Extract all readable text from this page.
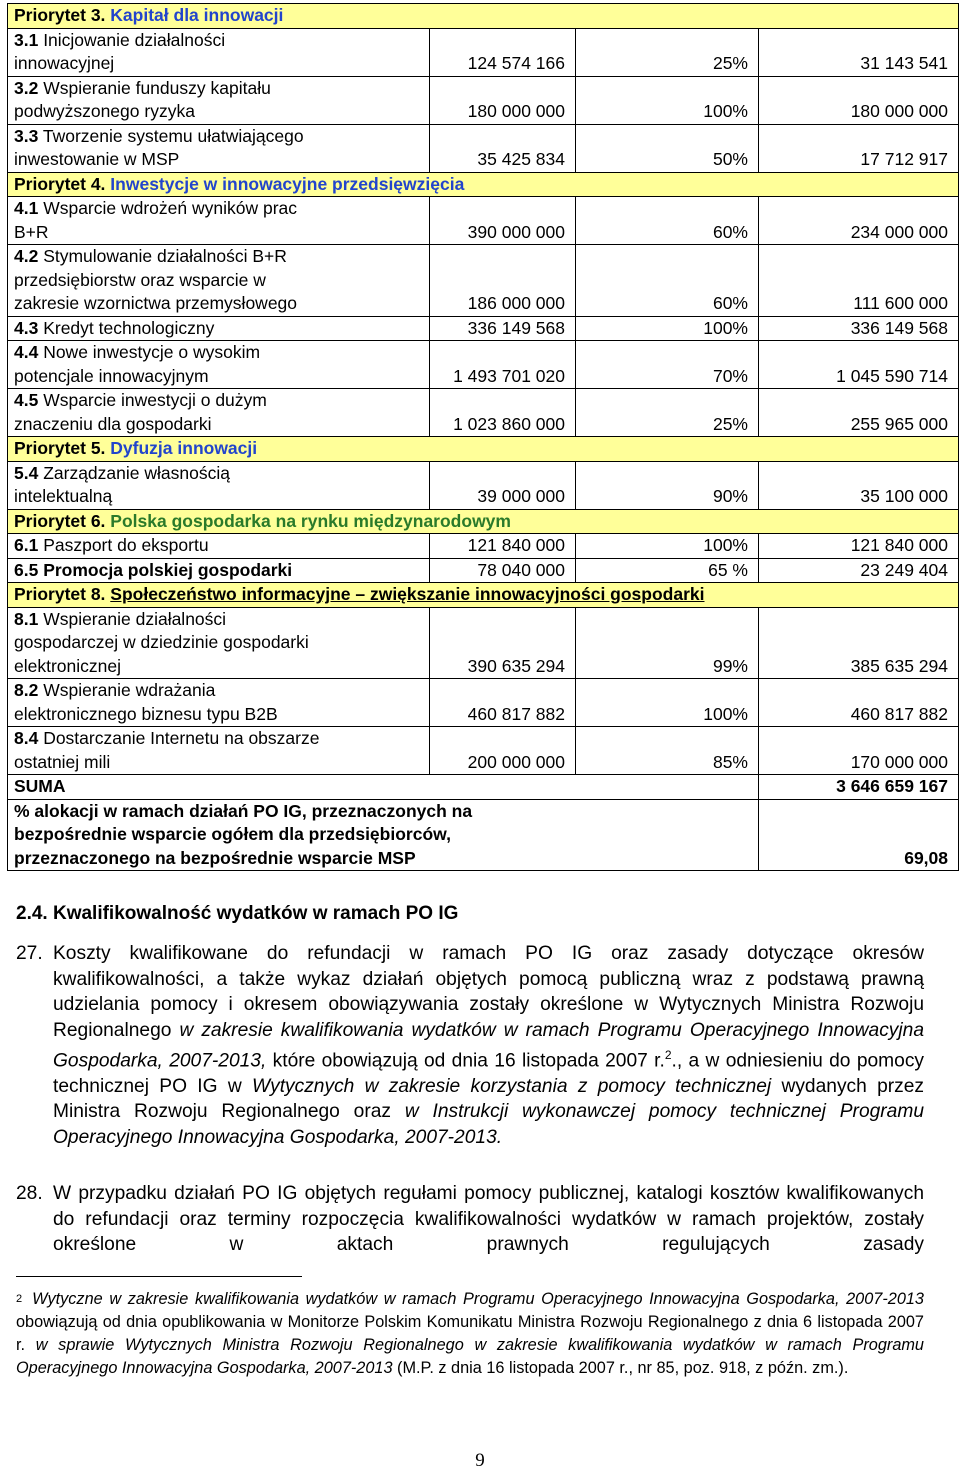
Priorytet 3. Kapitał dla innowacji			
3.1 Inicjowanie działalności
innowacyjnej	124 574 166	25%	31 143 541
3.2 Wspieranie funduszy kapitału
podwyższonego ryzyka	180 000 000	100%	180 000 000
3.3 Tworzenie systemu ułatwiającego
inwestowanie w MSP	35 425 834	50%	17 712 917
Priorytet 4. Inwestycje w innowacyjne przedsięwzięcia			
4.1 Wsparcie wdrożeń wyników prac
B+R	390 000 000	60%	234 000 000
4.2 Stymulowanie działalności B+R
przedsiębiorstw oraz wsparcie w
zakresie wzornictwa przemysłowego	186 000 000	60%	111 600 000
4.3 Kredyt technologiczny	336 149 568	100%	336 149 568
4.4 Nowe inwestycje o wysokim
potencjale innowacyjnym	1 493 701 020	70%	1 045 590 714
4.5 Wsparcie inwestycji o dużym
znaczeniu dla gospodarki	1 023 860 000	25%	255 965 000
Priorytet 5. Dyfuzja innowacji			
5.4 Zarządzanie własnością
intelektualną	39 000 000	90%	35 100 000
Priorytet 6. Polska gospodarka na rynku międzynarodowym			
6.1 Paszport do eksportu	121 840 000	100%	121 840 000
6.5 Promocja polskiej gospodarki	78 040 000	65 %	23 249 404
Priorytet 8. Społeczeństwo informacyjne – zwiększanie innowacyjności gospodarki			
8.1 Wspieranie działalności
gospodarczej w dziedzinie gospodarki
elektronicznej	390 635 294	99%	385 635 294
8.2 Wspieranie wdrażania
elektronicznego biznesu typu B2B	460 817 882	100%	460 817 882
8.4 Dostarczanie Internetu na obszarze
ostatniej mili	200 000 000	85%	170 000 000
SUMA			3 646 659 167
% alokacji w ramach działań PO IG, przeznaczonych na
bezpośrednie wsparcie ogółem dla przedsiębiorców,
przeznaczonego na bezpośrednie wsparcie MSP			69,08
2.4. Kwalifikowalność wydatków w ramach PO IG
27. Koszty kwalifikowane do refundacji w ramach PO IG oraz zasady dotyczące okresów kwalifikowalności, a także wykaz działań objętych pomocą publiczną wraz z podstawą prawną udzielania pomocy i okresem obowiązywania zostały określone w Wytycznych Ministra Rozwoju Regionalnego w zakresie kwalifikowania wydatków w ramach Programu Operacyjnego Innowacyjna Gospodarka, 2007-2013, które obowiązują od dnia 16 listopada 2007 r.$^2$., a w odniesieniu do pomocy technicznej PO IG w Wytycznych w zakresie korzystania z pomocy technicznej wydanych przez Ministra Rozwoju Regionalnego oraz w Instrukcji wykonawczej pomocy technicznej Programu Operacyjnego Innowacyjna Gospodarka, 2007-2013.
28. W przypadku działań PO IG objętych regułami pomocy publicznej, katalogi kosztów kwalifikowanych do refundacji oraz terminy rozpoczęcia kwalifikowalności wydatków w ramach projektów, zostały określone w aktach prawnych regulujących zasady
$^2$ Wytyczne w zakresie kwalifikowania wydatków w ramach Programu Operacyjnego Innowacyjna Gospodarka, 2007-2013 obowiązują od dnia opublikowania w Monitorze Polskim Komunikatu Ministra Rozwoju Regionalnego z dnia 6 listopada 2007 r. w sprawie Wytycznych Ministra Rozwoju Regionalnego w zakresie kwalifikowania wydatków w ramach Programu Operacyjnego Innowacyjna Gospodarka, 2007-2013 (M.P. z dnia 16 listopada 2007 r., nr 85, poz. 918, z późn. zm.).
9
